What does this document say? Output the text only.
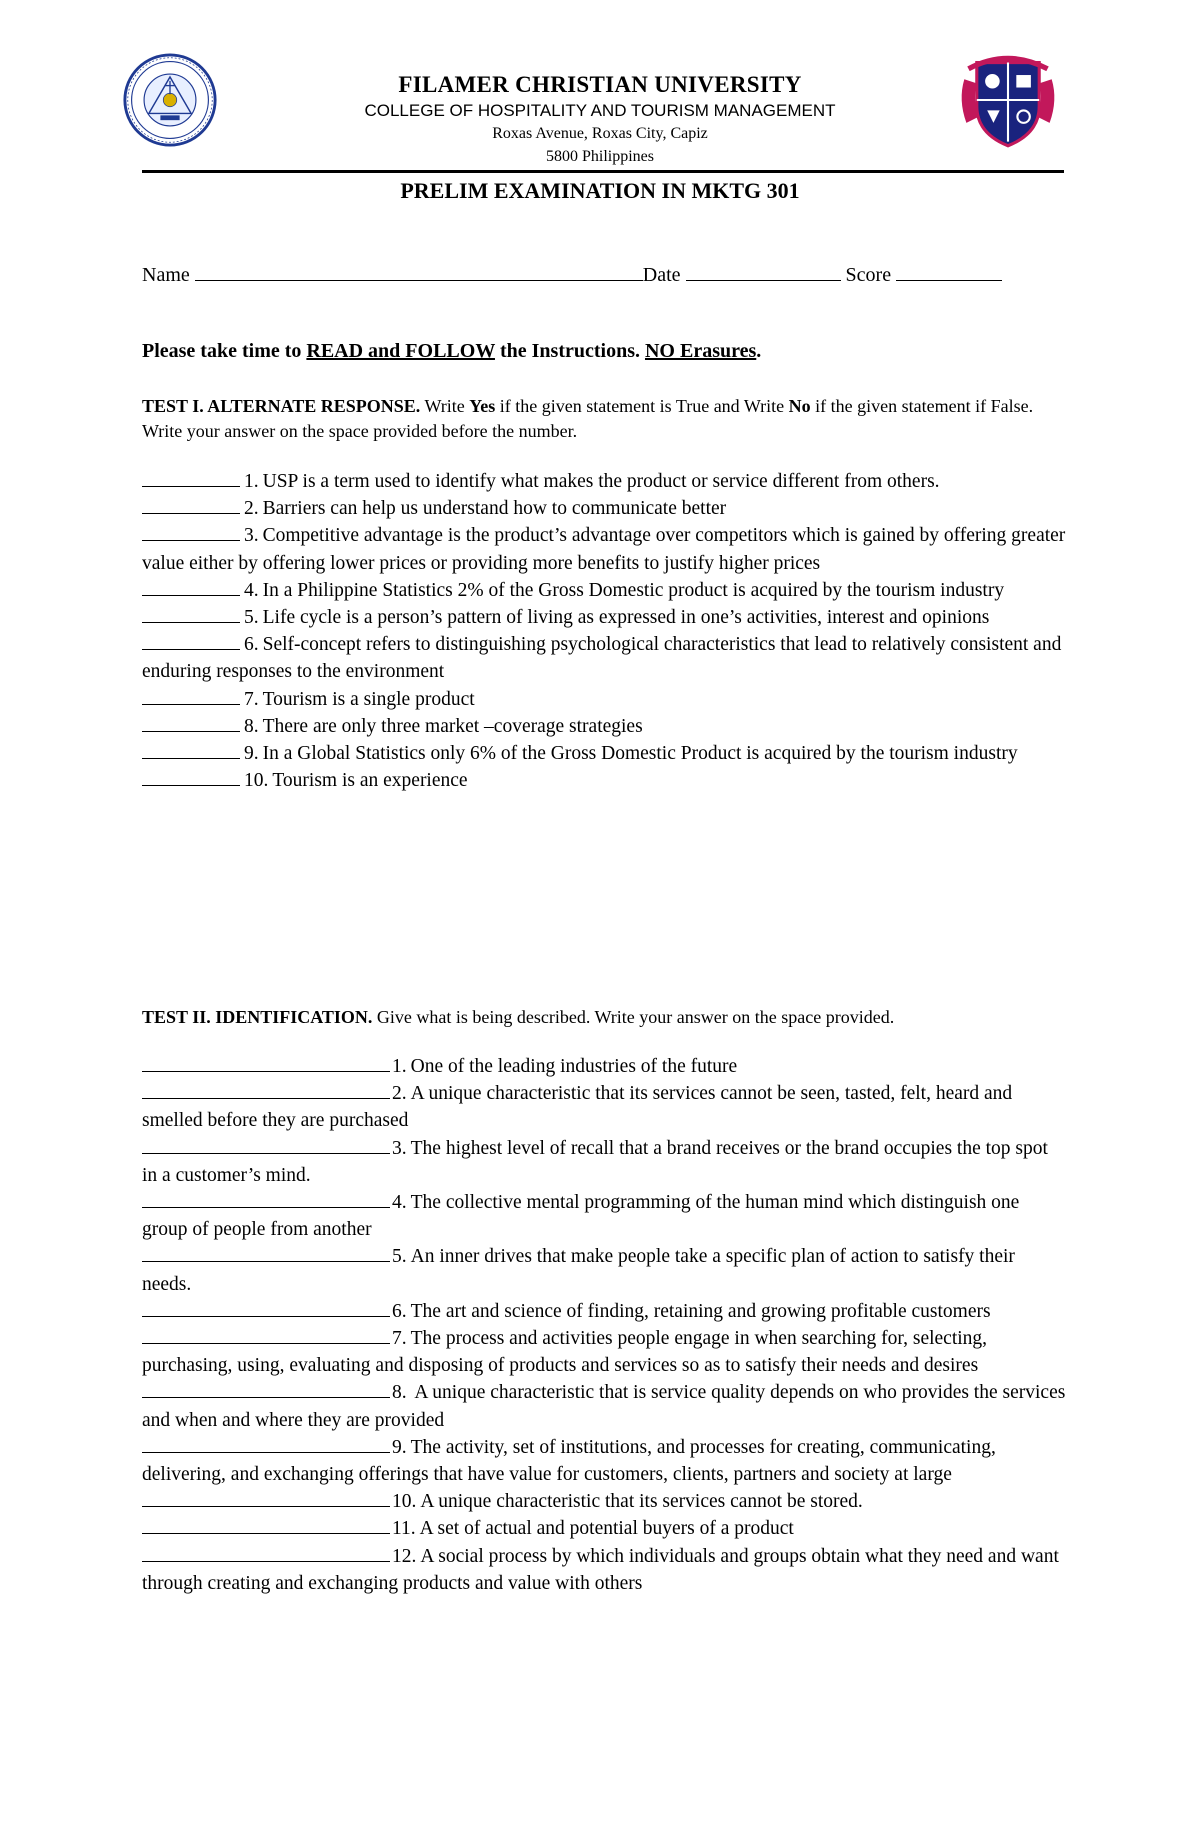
FILAMER CHRISTIAN UNIVERSITY
COLLEGE OF HOSPITALITY AND TOURISM MANAGEMENT
Roxas Avenue, Roxas City, Capiz
5800 Philippines
PRELIM EXAMINATION IN MKTG 301
Name	Date	Score
Please take time to READ and FOLLOW the Instructions. NO Erasures.
TEST I. ALTERNATE RESPONSE. Write Yes if the given statement is True and Write No if the given statement if False. Write your answer on the space provided before the number.
1. USP is a term used to identify what makes the product or service different from others.
2. Barriers can help us understand how to communicate better
3. Competitive advantage is the product’s advantage over competitors which is gained by offering greater value either by offering lower prices or providing more benefits to justify higher prices
4. In a Philippine Statistics 2% of the Gross Domestic product is acquired by the tourism industry
5. Life cycle is a person’s pattern of living as expressed in one’s activities, interest and opinions
6. Self-concept refers to distinguishing psychological characteristics that lead to relatively consistent and enduring responses to the environment
7. Tourism is a single product
8. There are only three market –coverage strategies
9. In a Global Statistics only 6% of the Gross Domestic Product is acquired by the tourism industry
10. Tourism is an experience
TEST II. IDENTIFICATION. Give what is being described. Write your answer on the space provided.
1. One of the leading industries of the future
2. A unique characteristic that its services cannot be seen, tasted, felt, heard and smelled before they are purchased
3. The highest level of recall that a brand receives or the brand occupies the top spot in a customer’s mind.
4. The collective mental programming of the human mind which distinguish one group of people from another
5. An inner drives that make people take a specific plan of action to satisfy their needs.
6. The art and science of finding, retaining and growing profitable customers
7. The process and activities people engage in when searching for, selecting, purchasing, using, evaluating and disposing of products and services so as to satisfy their needs and desires
8. A unique characteristic that is service quality depends on who provides the services and when and where they are provided
9. The activity, set of institutions, and processes for creating, communicating, delivering, and exchanging offerings that have value for customers, clients, partners and society at large
10. A unique characteristic that its services cannot be stored.
11. A set of actual and potential buyers of a product
12. A social process by which individuals and groups obtain what they need and want through creating and exchanging products and value with others
